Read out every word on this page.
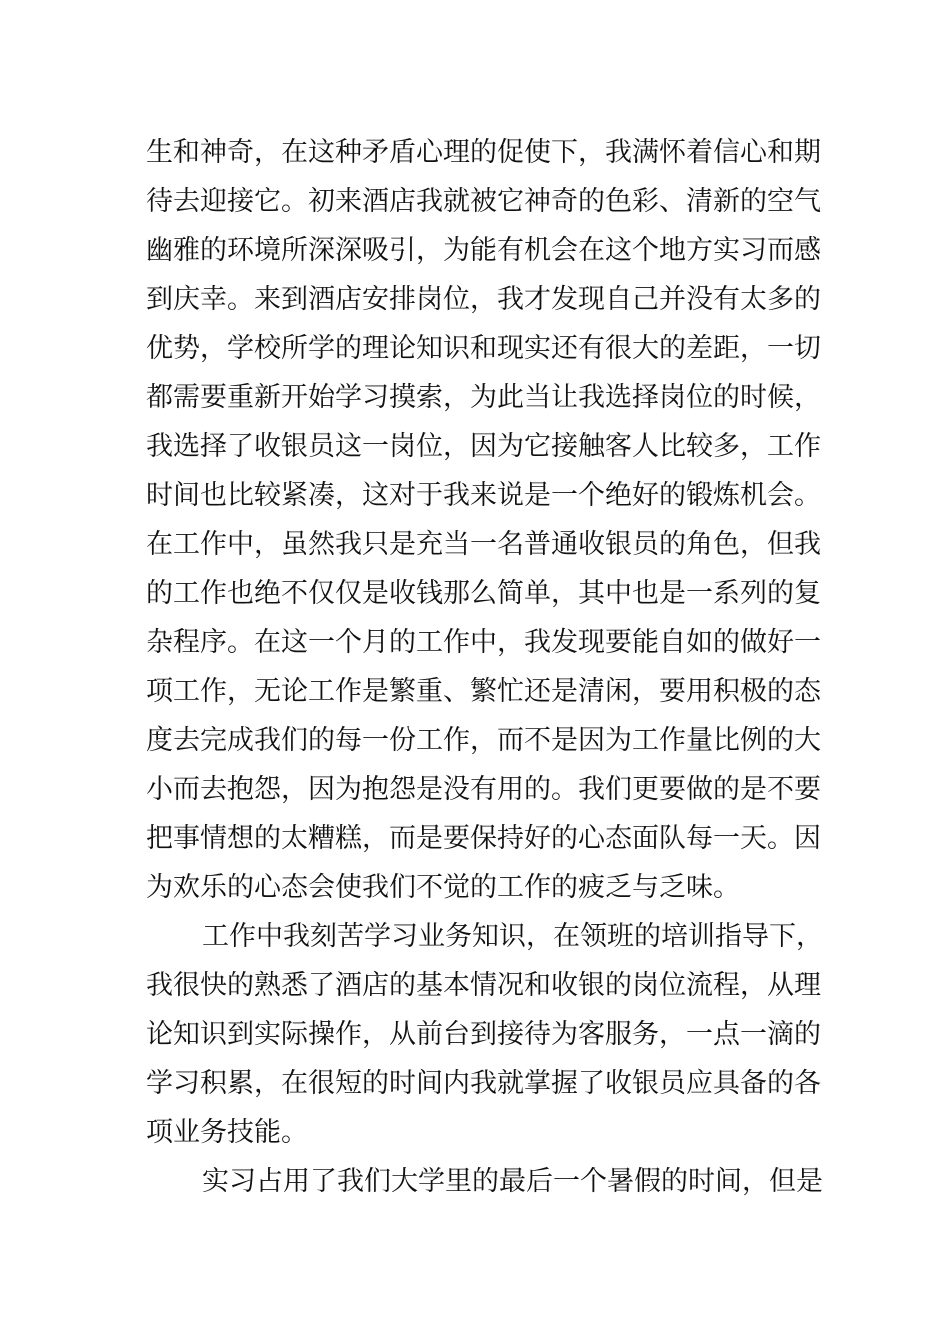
生和神奇，在这种矛盾心理的促使下，我满怀着信心和期
待去迎接它。初来酒店我就被它神奇的色彩、清新的空气
幽雅的环境所深深吸引，为能有机会在这个地方实习而感
到庆幸。来到酒店安排岗位，我才发现自己并没有太多的
优势，学校所学的理论知识和现实还有很大的差距，一切
都需要重新开始学习摸索，为此当让我选择岗位的时候，
我选择了收银员这一岗位，因为它接触客人比较多，工作
时间也比较紧凑，这对于我来说是一个绝好的锻炼机会。
在工作中，虽然我只是充当一名普通收银员的角色，但我
的工作也绝不仅仅是收钱那么简单，其中也是一系列的复
杂程序。在这一个月的工作中，我发现要能自如的做好一
项工作，无论工作是繁重、繁忙还是清闲，要用积极的态
度去完成我们的每一份工作，而不是因为工作量比例的大
小而去抱怨，因为抱怨是没有用的。我们更要做的是不要
把事情想的太糟糕，而是要保持好的心态面队每一天。因
为欢乐的心态会使我们不觉的工作的疲乏与乏味。
工作中我刻苦学习业务知识，在领班的培训指导下，
我很快的熟悉了酒店的基本情况和收银的岗位流程，从理
论知识到实际操作，从前台到接待为客服务，一点一滴的
学习积累，在很短的时间内我就掌握了收银员应具备的各
项业务技能。
实习占用了我们大学里的最后一个暑假的时间，但是
